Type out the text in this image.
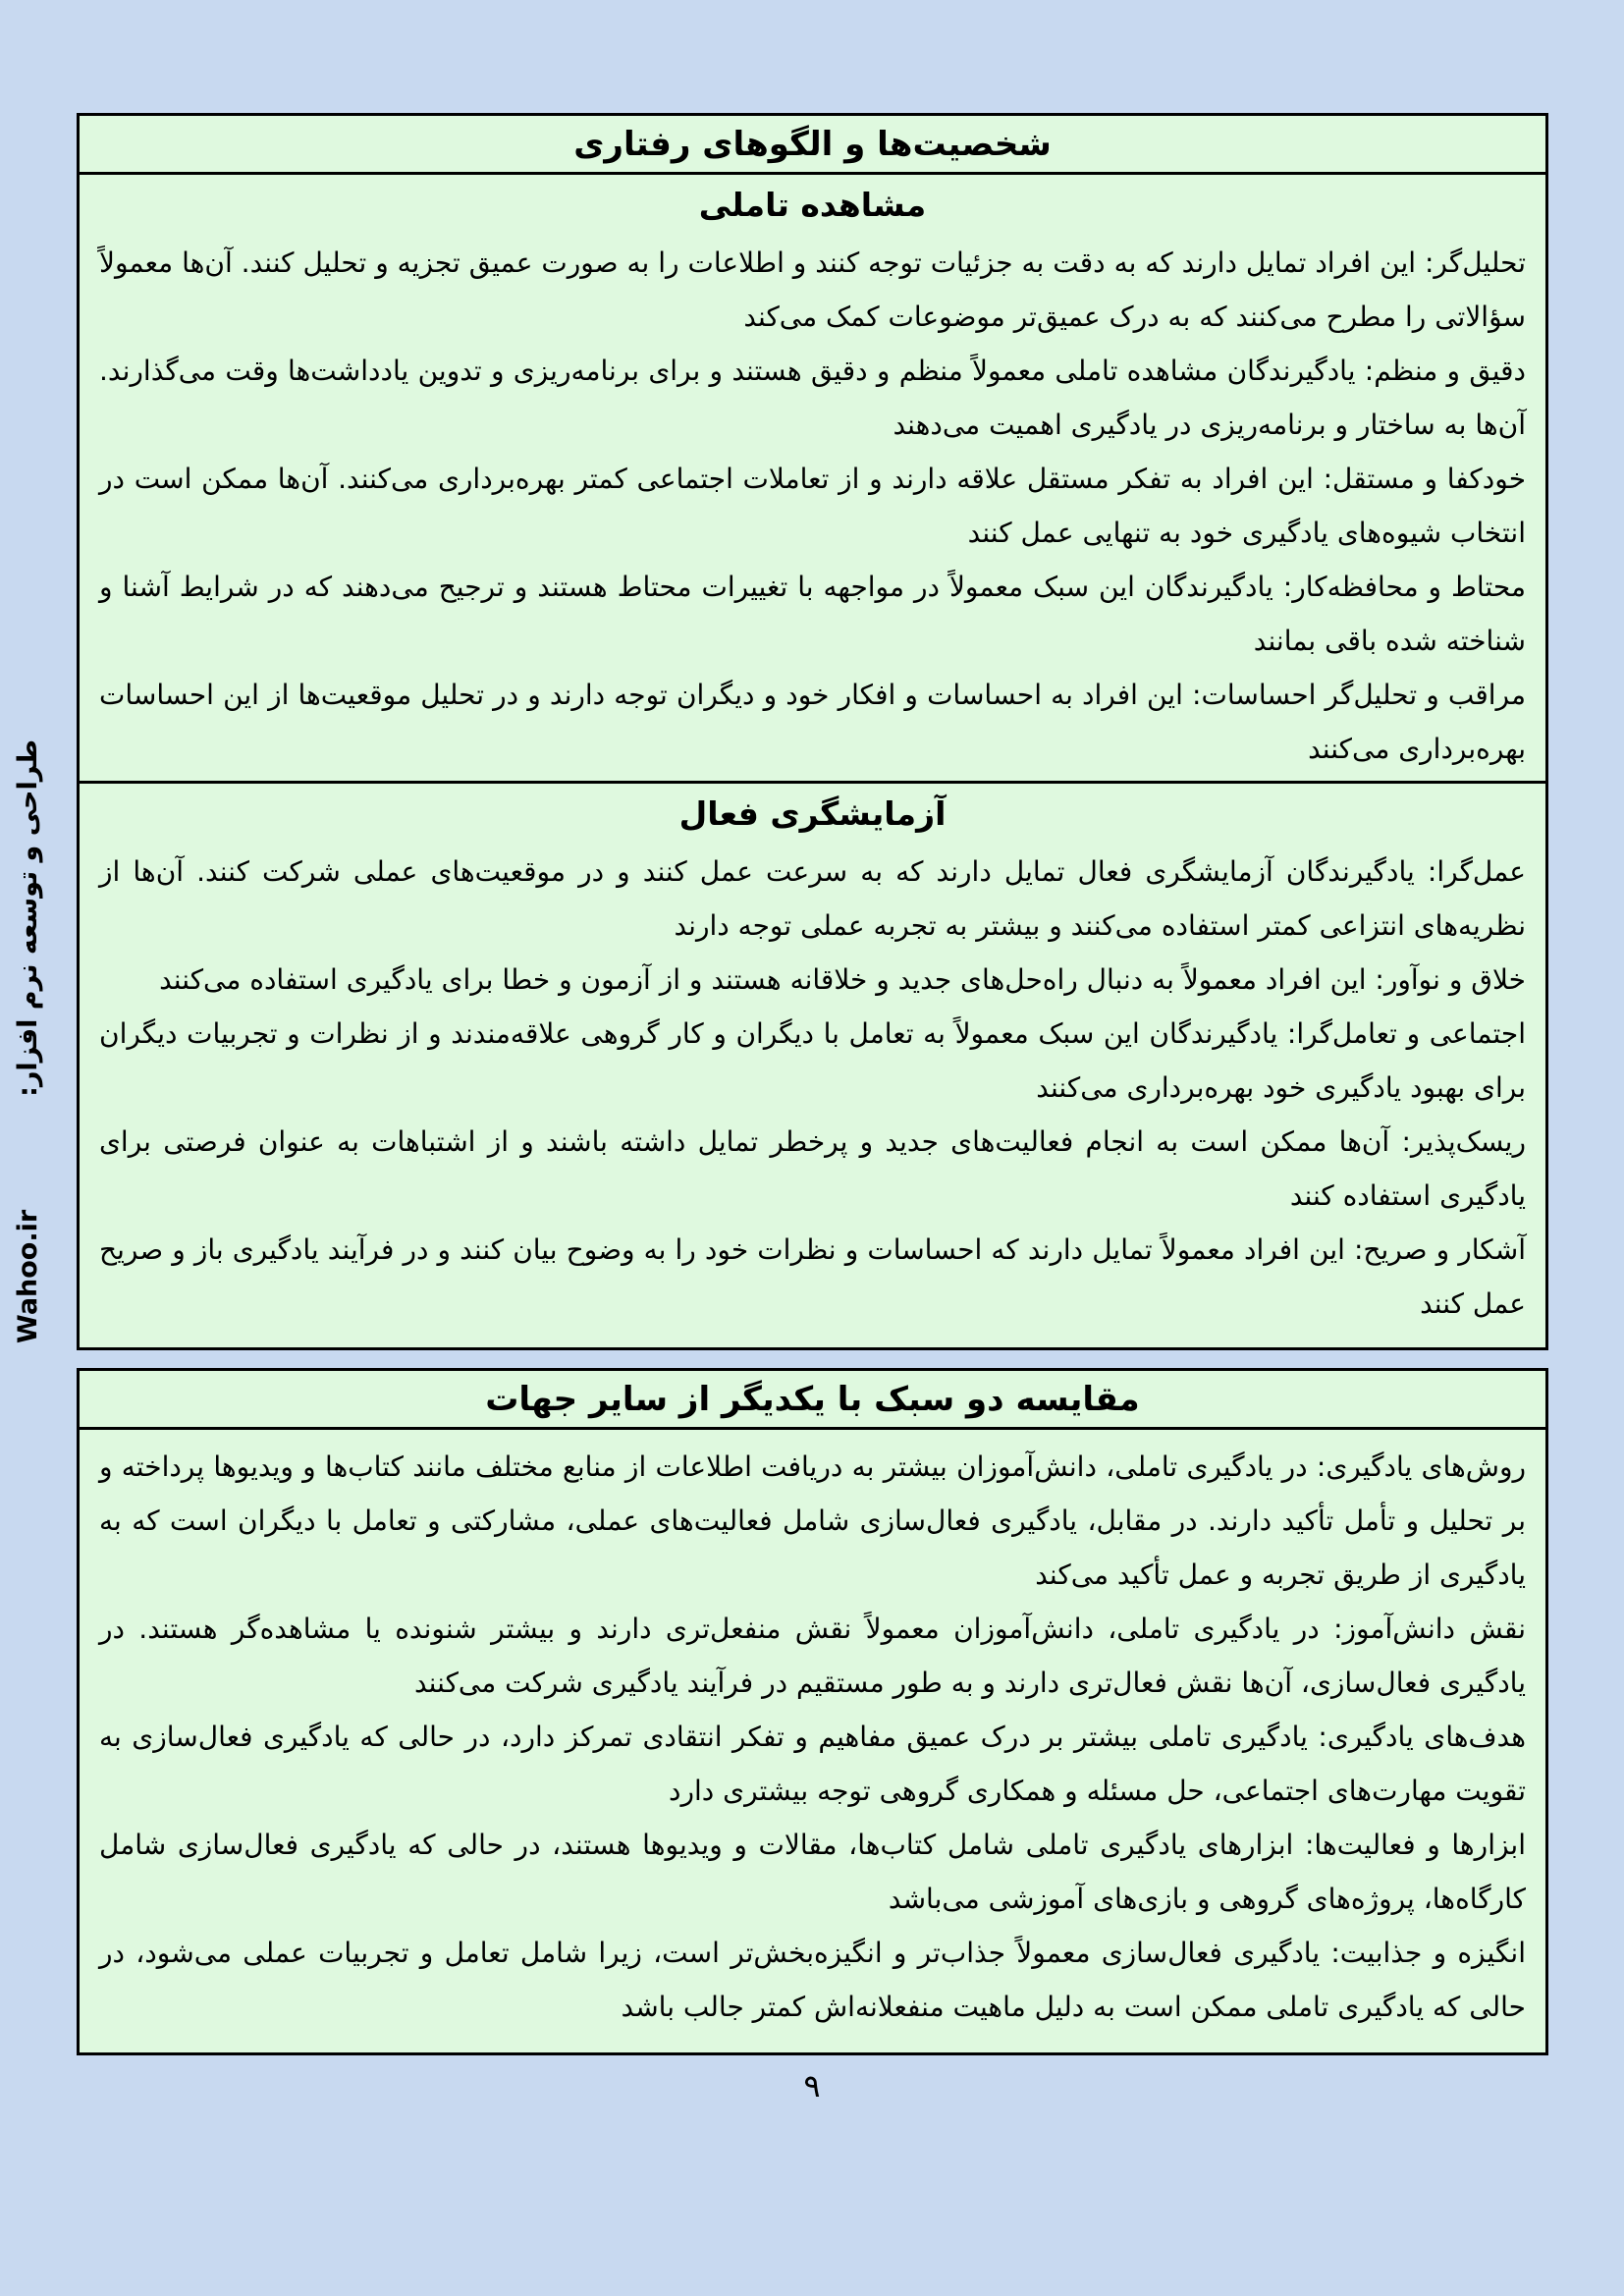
طراحی و توسعه نرم افزار:
Wahoo.ir
شخصیت‌ها و الگوهای رفتاری
مشاهده تاملی

تحلیل‌گر: این افراد تمایل دارند که به دقت به جزئیات توجه کنند و اطلاعات را به صورت عمیق تجزیه و تحلیل کنند. آن‌ها معمولاً سؤالاتی را مطرح می‌کنند که به درک عمیق‌تر موضوعات کمک می‌کند

دقیق و منظم: یادگیرندگان مشاهده تاملی معمولاً منظم و دقیق هستند و برای برنامه‌ریزی و تدوین یادداشت‌ها وقت می‌گذارند. آن‌ها به ساختار و برنامه‌ریزی در یادگیری اهمیت می‌دهند

خودکفا و مستقل: این افراد به تفکر مستقل علاقه دارند و از تعاملات اجتماعی کمتر بهره‌برداری می‌کنند. آن‌ها ممکن است در انتخاب شیوه‌های یادگیری خود به تنهایی عمل کنند

محتاط و محافظه‌کار: یادگیرندگان این سبک معمولاً در مواجهه با تغییرات محتاط هستند و ترجیح می‌دهند که در شرایط آشنا و شناخته شده باقی بمانند

مراقب و تحلیل‌گر احساسات: این افراد به احساسات و افکار خود و دیگران توجه دارند و در تحلیل موقعیت‌ها از این احساسات بهره‌برداری می‌کنند

آزمایشگری فعال

عمل‌گرا: یادگیرندگان آزمایشگری فعال تمایل دارند که به سرعت عمل کنند و در موقعیت‌های عملی شرکت کنند. آن‌ها از نظریه‌های انتزاعی کمتر استفاده می‌کنند و بیشتر به تجربه عملی توجه دارند

خلاق و نوآور: این افراد معمولاً به دنبال راه‌حل‌های جدید و خلاقانه هستند و از آزمون و خطا برای یادگیری استفاده می‌کنند

اجتماعی و تعامل‌گرا: یادگیرندگان این سبک معمولاً به تعامل با دیگران و کار گروهی علاقه‌مندند و از نظرات و تجربیات دیگران برای بهبود یادگیری خود بهره‌برداری می‌کنند

ریسک‌پذیر: آن‌ها ممکن است به انجام فعالیت‌های جدید و پرخطر تمایل داشته باشند و از اشتباهات به عنوان فرصتی برای یادگیری استفاده کنند

آشکار و صریح: این افراد معمولاً تمایل دارند که احساسات و نظرات خود را به وضوح بیان کنند و در فرآیند یادگیری باز و صریح عمل کنند

مقایسه دو سبک با یکدیگر از سایر جهات

روش‌های یادگیری: در یادگیری تاملی، دانش‌آموزان بیشتر به دریافت اطلاعات از منابع مختلف مانند کتاب‌ها و ویدیوها پرداخته و بر تحلیل و تأمل تأکید دارند. در مقابل، یادگیری فعال‌سازی شامل فعالیت‌های عملی، مشارکتی و تعامل با دیگران است که به یادگیری از طریق تجربه و عمل تأکید می‌کند

نقش دانش‌آموز: در یادگیری تاملی، دانش‌آموزان معمولاً نقش منفعل‌تری دارند و بیشتر شنونده یا مشاهده‌گر هستند. در یادگیری فعال‌سازی، آن‌ها نقش فعال‌تری دارند و به طور مستقیم در فرآیند یادگیری شرکت می‌کنند

هدف‌های یادگیری: یادگیری تاملی بیشتر بر درک عمیق مفاهیم و تفکر انتقادی تمرکز دارد، در حالی که یادگیری فعال‌سازی به تقویت مهارت‌های اجتماعی، حل مسئله و همکاری گروهی توجه بیشتری دارد

ابزارها و فعالیت‌ها: ابزارهای یادگیری تاملی شامل کتاب‌ها، مقالات و ویدیوها هستند، در حالی که یادگیری فعال‌سازی شامل کارگاه‌ها، پروژه‌های گروهی و بازی‌های آموزشی می‌باشد

انگیزه و جذابیت: یادگیری فعال‌سازی معمولاً جذاب‌تر و انگیزه‌بخش‌تر است، زیرا شامل تعامل و تجربیات عملی می‌شود، در حالی که یادگیری تاملی ممکن است به دلیل ماهیت منفعلانه‌اش کمتر جالب باشد

۹
